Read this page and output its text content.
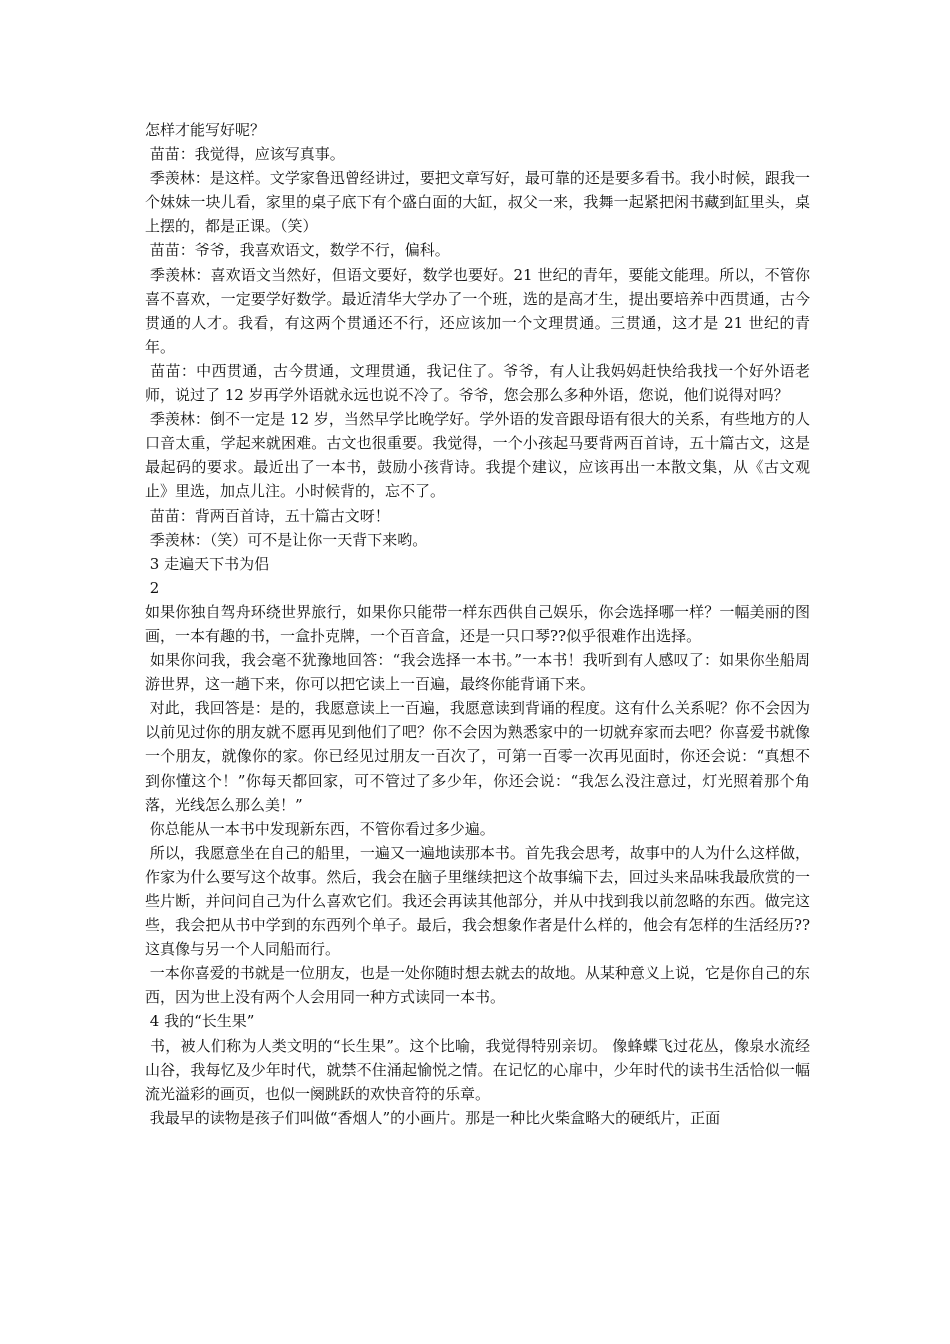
怎样才能写好呢？

苗苗：我觉得，应该写真事。

季羡林：是这样。文学家鲁迅曾经讲过，要把文章写好，最可靠的还是要多看书。我小时候，跟我一个妹妹一块儿看，家里的桌子底下有个盛白面的大缸，叔父一来，我舞一起紧把闲书藏到缸里头，桌上摆的，都是正课。（笑）

苗苗：爷爷，我喜欢语文，数学不行，偏科。

季羡林：喜欢语文当然好，但语文要好，数学也要好。21 世纪的青年，要能文能理。所以，不管你喜不喜欢，一定要学好数学。最近清华大学办了一个班，选的是高才生，提出要培养中西贯通，古今贯通的人才。我看，有这两个贯通还不行，还应该加一个文理贯通。三贯通，这才是 21 世纪的青年。

苗苗：中西贯通，古今贯通，文理贯通，我记住了。爷爷，有人让我妈妈赶快给我找一个好外语老师，说过了 12 岁再学外语就永远也说不冷了。爷爷，您会那么多种外语，您说，他们说得对吗？

季羡林：倒不一定是 12 岁，当然早学比晚学好。学外语的发音跟母语有很大的关系，有些地方的人口音太重，学起来就困难。古文也很重要。我觉得，一个小孩起马要背两百首诗，五十篇古文，这是最起码的要求。最近出了一本书，鼓励小孩背诗。我提个建议，应该再出一本散文集，从《古文观止》里选，加点儿注。小时候背的，忘不了。

苗苗：背两百首诗，五十篇古文呀！

季羡林：（笑）可不是让你一天背下来哟。

3 走遍天下书为侣

2

如果你独自驾舟环绕世界旅行，如果你只能带一样东西供自己娱乐，你会选择哪一样？一幅美丽的图画，一本有趣的书，一盒扑克牌，一个百音盒，还是一只口琴??似乎很难作出选择。

如果你问我，我会毫不犹豫地回答：“我会选择一本书。”一本书！我听到有人感叹了：如果你坐船周游世界，这一趟下来，你可以把它读上一百遍，最终你能背诵下来。

对此，我回答是：是的，我愿意读上一百遍，我愿意读到背诵的程度。这有什么关系呢？你不会因为以前见过你的朋友就不愿再见到他们了吧？你不会因为熟悉家中的一切就弃家而去吧？你喜爱书就像一个朋友，就像你的家。你已经见过朋友一百次了，可第一百零一次再见面时，你还会说：“真想不到你懂这个！”你每天都回家，可不管过了多少年，你还会说：“我怎么没注意过，灯光照着那个角落，光线怎么那么美！”

你总能从一本书中发现新东西，不管你看过多少遍。

所以，我愿意坐在自己的船里，一遍又一遍地读那本书。首先我会思考，故事中的人为什么这样做，作家为什么要写这个故事。然后，我会在脑子里继续把这个故事编下去，回过头来品味我最欣赏的一些片断，并问问自己为什么喜欢它们。我还会再读其他部分，并从中找到我以前忽略的东西。做完这些，我会把从书中学到的东西列个单子。最后，我会想象作者是什么样的，他会有怎样的生活经历??这真像与另一个人同船而行。

一本你喜爱的书就是一位朋友，也是一处你随时想去就去的故地。从某种意义上说，它是你自己的东西，因为世上没有两个人会用同一种方式读同一本书。

4 我的“长生果”

书，被人们称为人类文明的“长生果”。这个比喻，我觉得特别亲切。 像蜂蝶飞过花丛，像泉水流经山谷，我每忆及少年时代，就禁不住涌起愉悦之情。在记忆的心扉中，少年时代的读书生活恰似一幅流光溢彩的画页，也似一阕跳跃的欢快音符的乐章。

我最早的读物是孩子们叫做“香烟人”的小画片。那是一种比火柴盒略大的硬纸片，正面
